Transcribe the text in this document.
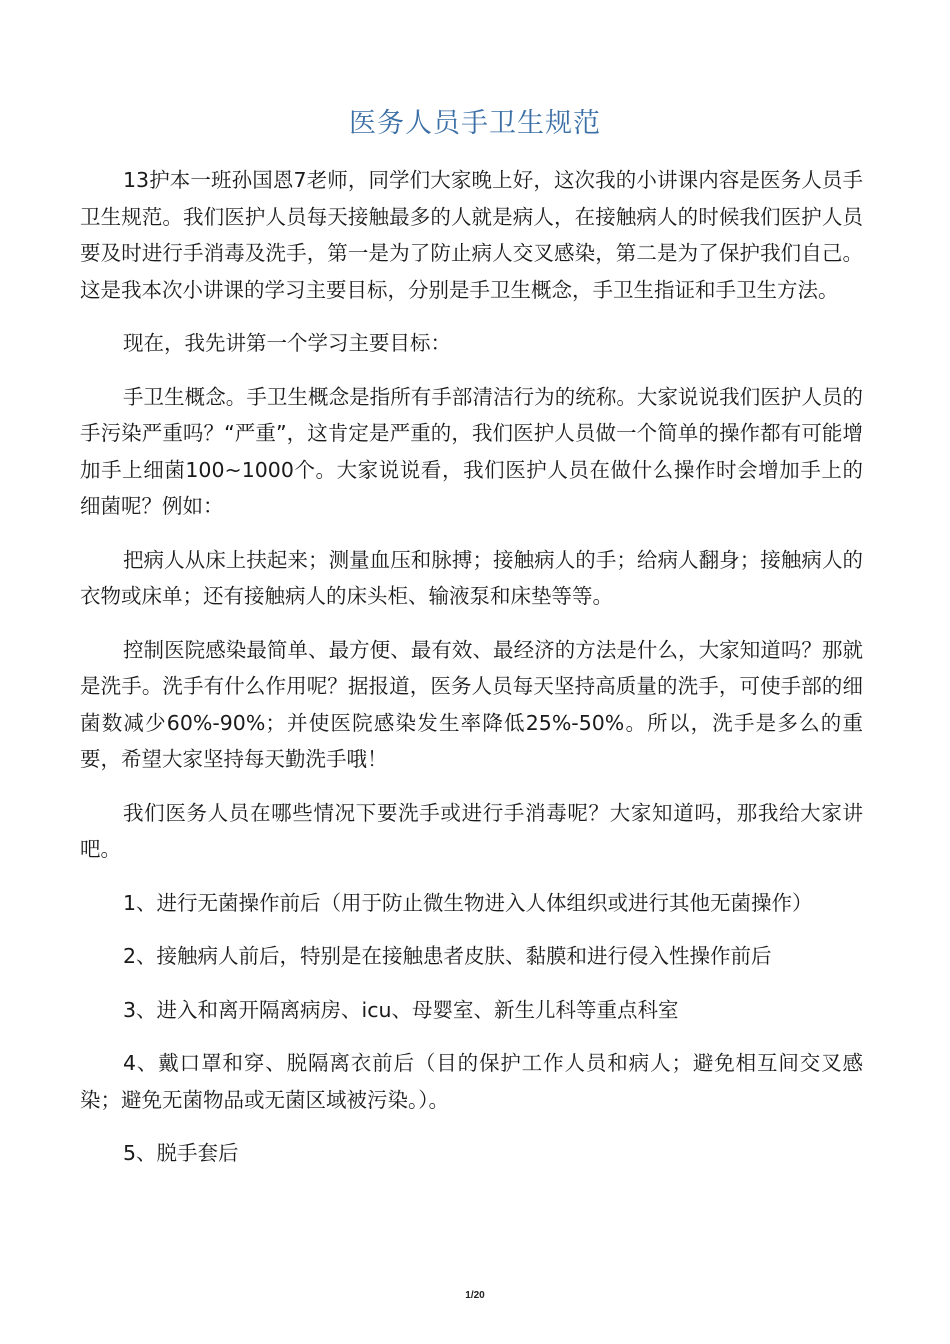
医务人员手卫生规范

13护本一班孙国恩7老师，同学们大家晚上好，这次我的小讲课内容是医务人员手卫生规范。我们医护人员每天接触最多的人就是病人，在接触病人的时候我们医护人员要及时进行手消毒及洗手，第一是为了防止病人交叉感染，第二是为了保护我们自己。这是我本次小讲课的学习主要目标，分别是手卫生概念，手卫生指证和手卫生方法。

现在，我先讲第一个学习主要目标：

手卫生概念。手卫生概念是指所有手部清洁行为的统称。大家说说我们医护人员的手污染严重吗？“严重”，这肯定是严重的，我们医护人员做一个简单的操作都有可能增加手上细菌100~1000个。大家说说看，我们医护人员在做什么操作时会增加手上的细菌呢？例如：

把病人从床上扶起来；测量血压和脉搏；接触病人的手；给病人翻身；接触病人的衣物或床单；还有接触病人的床头柜、输液泵和床垫等等。

控制医院感染最简单、最方便、最有效、最经济的方法是什么，大家知道吗？那就是洗手。洗手有什么作用呢？据报道，医务人员每天坚持高质量的洗手，可使手部的细菌数减少60%-90%；并使医院感染发生率降低25%-50%。所以，洗手是多么的重要，希望大家坚持每天勤洗手哦！

我们医务人员在哪些情况下要洗手或进行手消毒呢？大家知道吗，那我给大家讲吧。

1、进行无菌操作前后（用于防止微生物进入人体组织或进行其他无菌操作）

2、接触病人前后，特别是在接触患者皮肤、黏膜和进行侵入性操作前后

3、进入和离开隔离病房、icu、母婴室、新生儿科等重点科室

4、戴口罩和穿、脱隔离衣前后（目的保护工作人员和病人；避免相互间交叉感染；避免无菌物品或无菌区域被污染。）。

5、脱手套后

1/20
